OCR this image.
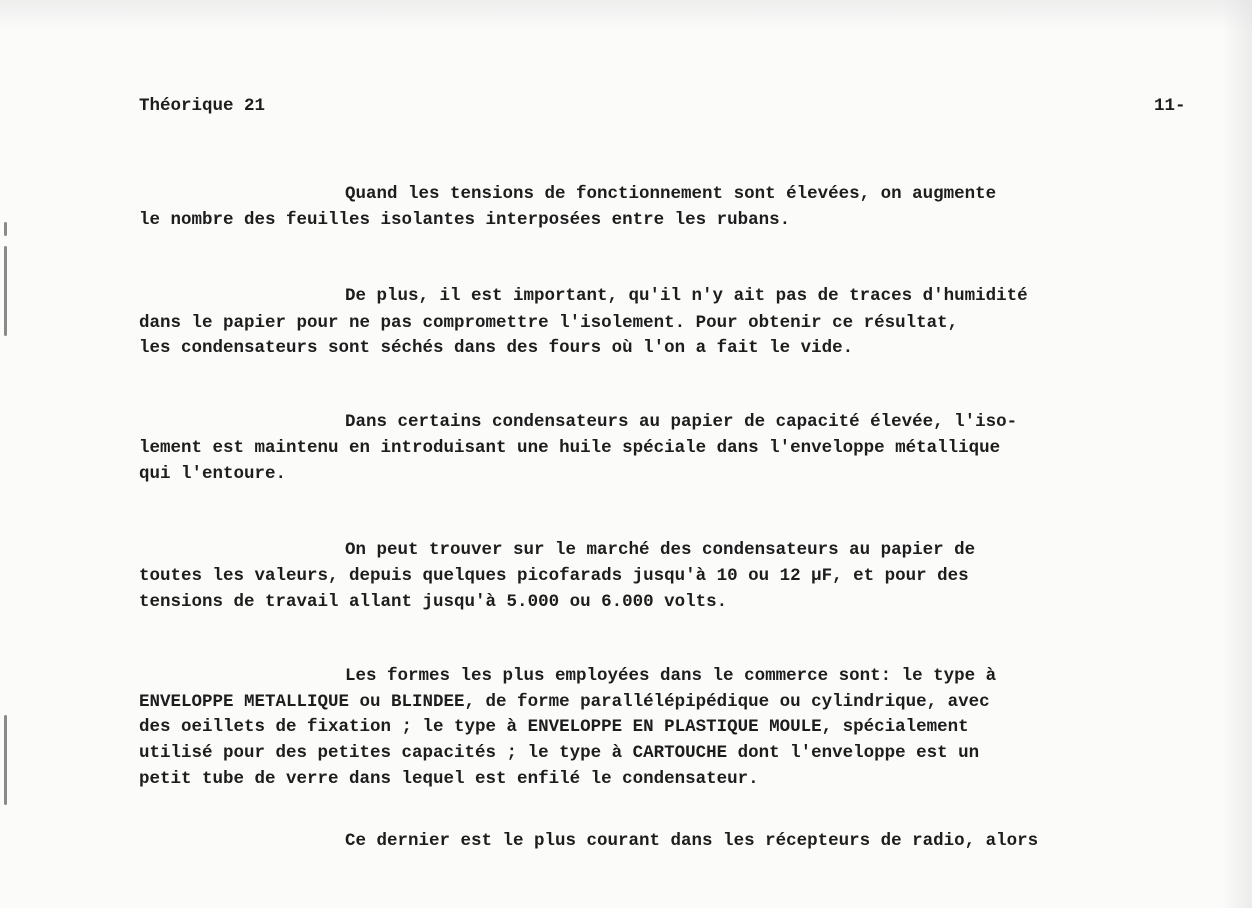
Théorique 21	11-
Quand les tensions de fonctionnement sont élevées, on augmente
le nombre des feuilles isolantes interposées entre les rubans.
De plus, il est important, qu'il n'y ait pas de traces d'humidité
dans le papier pour ne pas compromettre l'isolement. Pour obtenir ce résultat,
les condensateurs sont séchés dans des fours où l'on a fait le vide.
Dans certains condensateurs au papier de capacité élevée, l'iso-
lement est maintenu en introduisant une huile spéciale dans l'enveloppe métallique
qui l'entoure.
On peut trouver sur le marché des condensateurs au papier de
toutes les valeurs, depuis quelques picofarads jusqu'à 10 ou 12 µF, et pour des
tensions de travail allant jusqu'à 5.000 ou 6.000 volts.
Les formes les plus employées dans le commerce sont: le type à
ENVELOPPE METALLIQUE ou BLINDEE, de forme parallélépipédique ou cylindrique, avec
des oeillets de fixation ; le type à ENVELOPPE EN PLASTIQUE MOULE, spécialement
utilisé pour des petites capacités ; le type à CARTOUCHE dont l'enveloppe est un
petit tube de verre dans lequel est enfilé le condensateur.
Ce dernier est le plus courant dans les récepteurs de radio, alors
